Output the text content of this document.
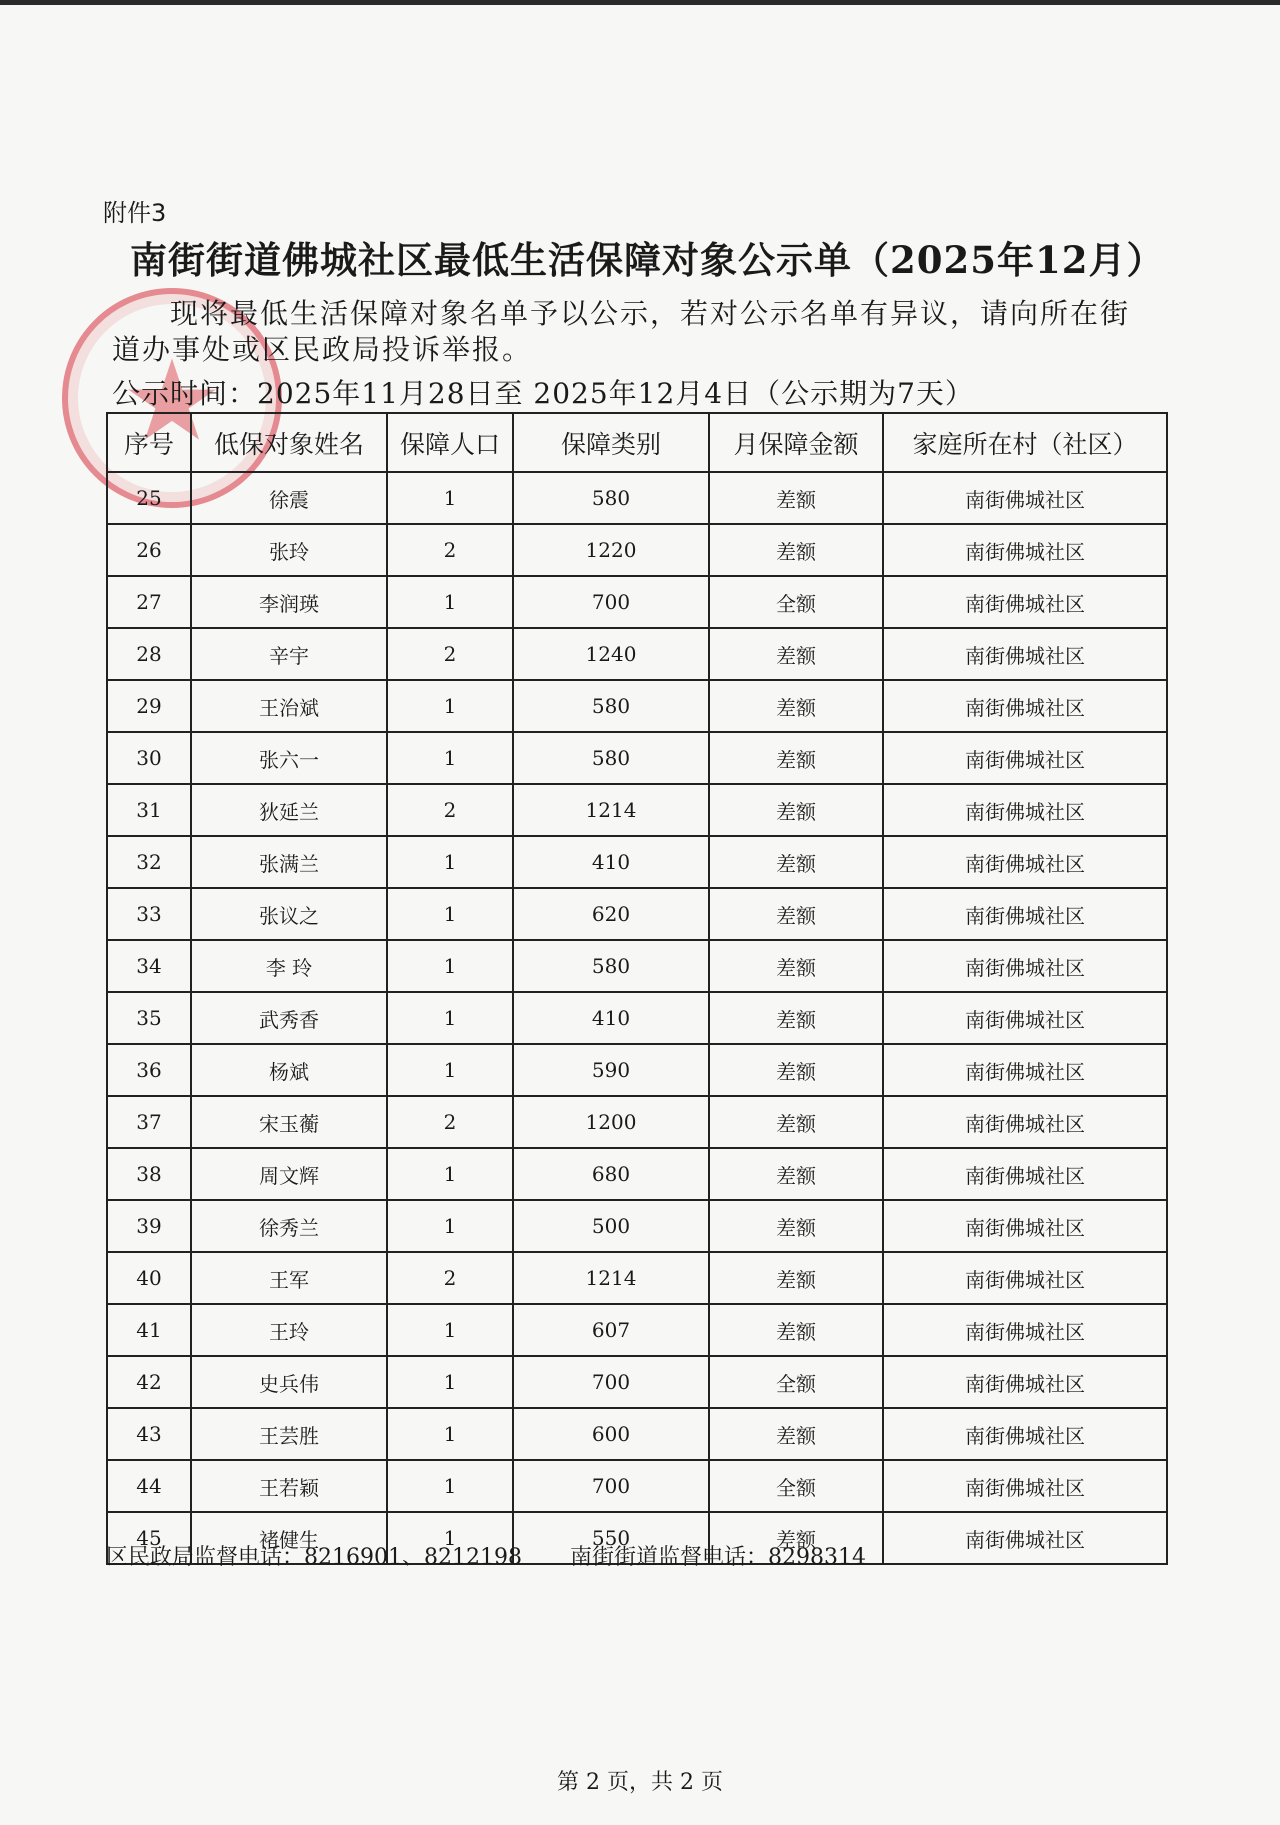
附件3
南街街道佛城社区最低生活保障对象公示单（2025年12月）
现将最低生活保障对象名单予以公示，若对公示名单有异议，请向所在街道办事处或区民政局投诉举报。
公示时间：2025年11月28日至 2025年12月4日（公示期为7天）
序号	低保对象姓名	保障人口	保障类别	月保障金额	家庭所在村（社区）
25	徐震	1	580	差额	南街佛城社区
26	张玲	2	1220	差额	南街佛城社区
27	李润瑛	1	700	全额	南街佛城社区
28	辛宇	2	1240	差额	南街佛城社区
29	王治斌	1	580	差额	南街佛城社区
30	张六一	1	580	差额	南街佛城社区
31	狄延兰	2	1214	差额	南街佛城社区
32	张满兰	1	410	差额	南街佛城社区
33	张议之	1	620	差额	南街佛城社区
34	李 玲	1	580	差额	南街佛城社区
35	武秀香	1	410	差额	南街佛城社区
36	杨斌	1	590	差额	南街佛城社区
37	宋玉蘅	2	1200	差额	南街佛城社区
38	周文辉	1	680	差额	南街佛城社区
39	徐秀兰	1	500	差额	南街佛城社区
40	王军	2	1214	差额	南街佛城社区
41	王玲	1	607	差额	南街佛城社区
42	史兵伟	1	700	全额	南街佛城社区
43	王芸胜	1	600	差额	南街佛城社区
44	王若颖	1	700	全额	南街佛城社区
45	褚健生	1	550	差额	南街佛城社区
区民政局监督电话：8216901、8212198 南街街道监督电话：8298314
第 2 页，共 2 页
